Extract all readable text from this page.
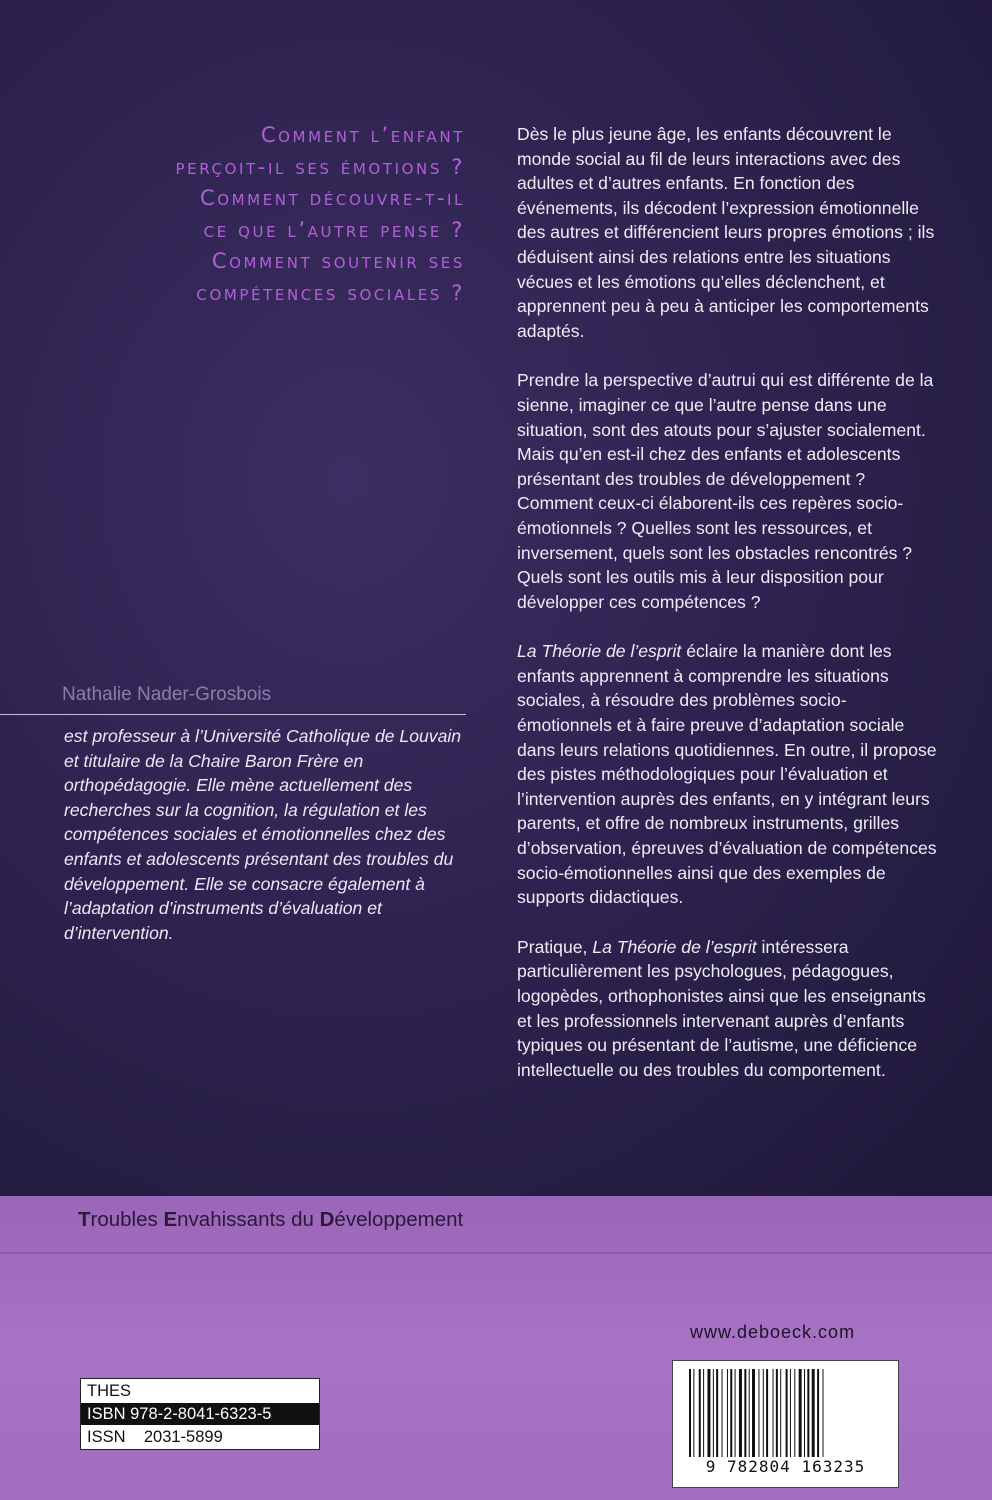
Comment l’enfant
perçoit-il ses émotions ?
Comment découvre-t-il
ce que l’autre pense ?
Comment soutenir ses
compétences sociales ?
Nathalie Nader-Grosbois
est professeur à l’Université Catholique de Louvain et titulaire de la Chaire Baron Frère en orthopédagogie. Elle mène actuellement des recherches sur la cognition, la régulation et les compétences sociales et émotionnelles chez des enfants et adolescents présentant des troubles du développement. Elle se consacre également à l’adaptation d’instruments d’évaluation et d’intervention.

Dès le plus jeune âge, les enfants découvrent le monde social au fil de leurs interactions avec des adultes et d’autres enfants. En fonction des événements, ils décodent l’expression émotionnelle des autres et différencient leurs propres émotions ; ils déduisent ainsi des relations entre les situations vécues et les émotions qu’elles déclenchent, et apprennent peu à peu à anticiper les comportements adaptés.

Prendre la perspective d’autrui qui est différente de la sienne, imaginer ce que l’autre pense dans une situation, sont des atouts pour s’ajuster socialement. Mais qu’en est-il chez des enfants et adolescents présentant des troubles de développement ? Comment ceux-ci élaborent-ils ces repères socio-émotionnels ? Quelles sont les ressources, et inversement, quels sont les obstacles rencontrés ? Quels sont les outils mis à leur disposition pour développer ces compétences ?

La Théorie de l’esprit éclaire la manière dont les enfants apprennent à comprendre les situations sociales, à résoudre des problèmes socio-émotionnels et à faire preuve d’adaptation sociale dans leurs relations quotidiennes. En outre, il propose des pistes méthodologiques pour l’évaluation et l’intervention auprès des enfants, en y intégrant leurs parents, et offre de nombreux instruments, grilles d’observation, épreuves d’évaluation de compétences socio-émotionnelles ainsi que des exemples de supports didactiques.

Pratique, La Théorie de l’esprit intéressera particulièrement les psychologues, pédagogues, logopèdes, orthophonistes ainsi que les enseignants et les professionnels intervenant auprès d’enfants typiques ou présentant de l’autisme, une déficience intellectuelle ou des troubles du comportement.

Troubles Envahissants du Développement
www.deboeck.com
THES
ISBN 978-2-8041-6323-5
ISSN    2031-5899
9 782804 163235
